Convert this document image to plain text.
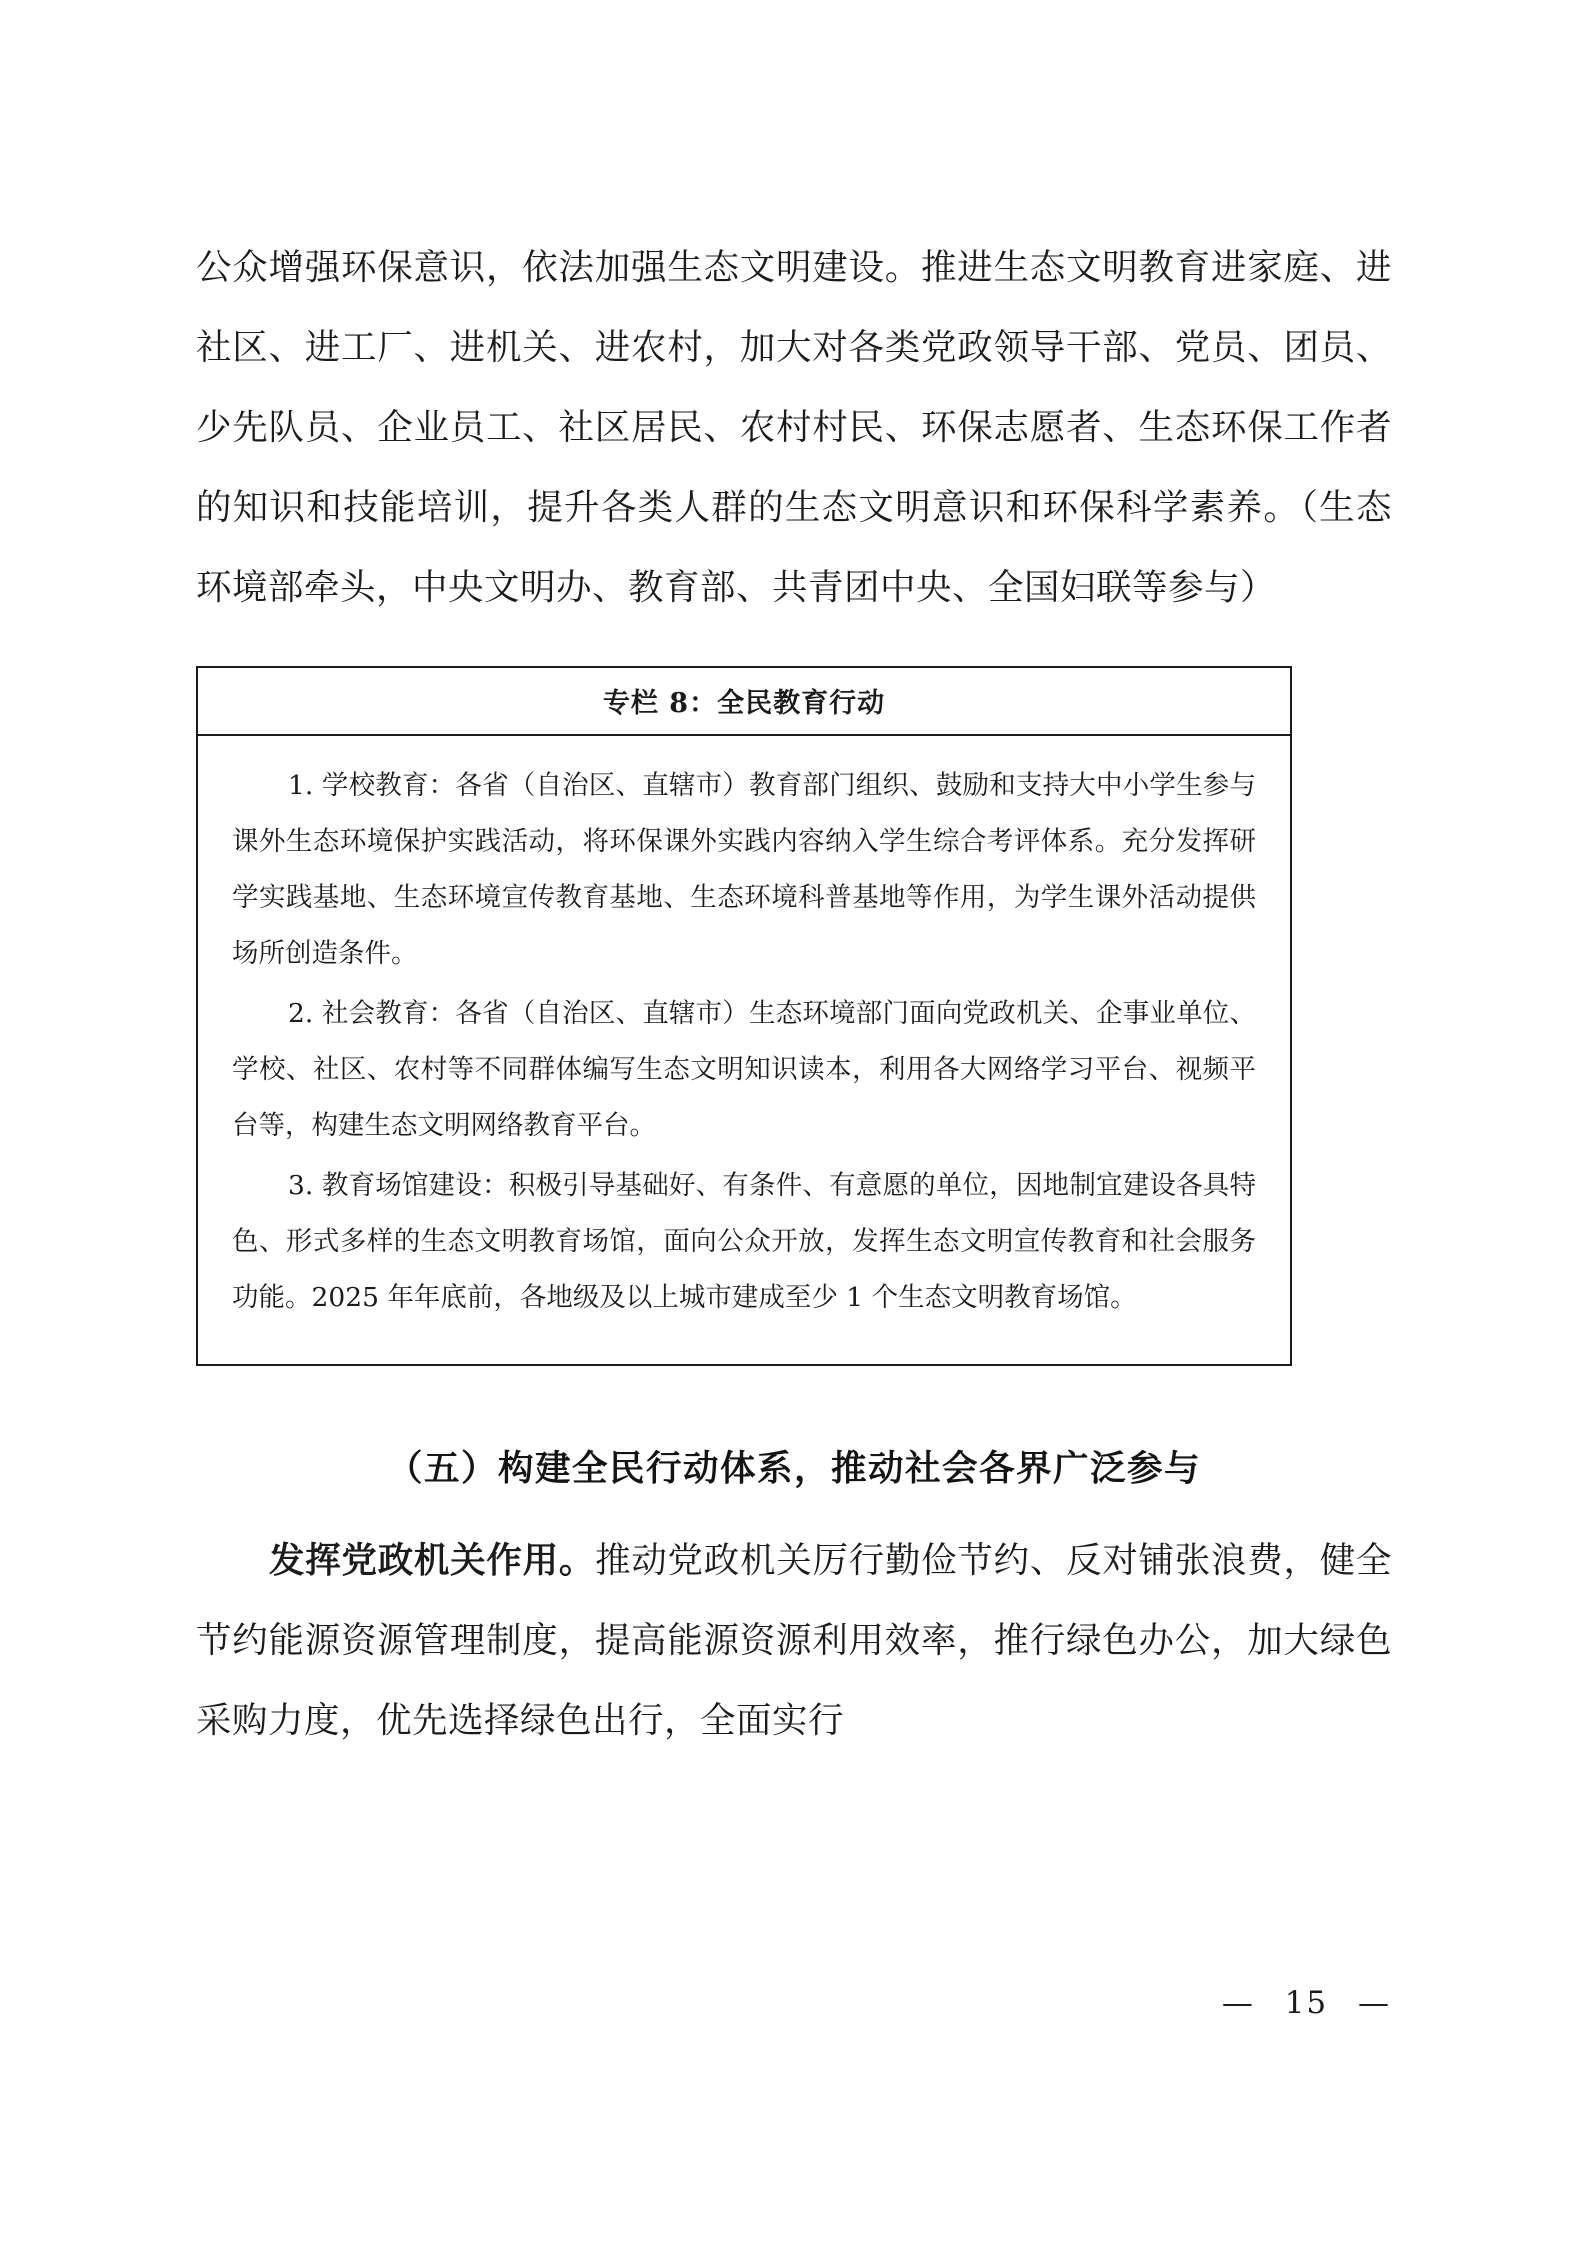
公众增强环保意识，依法加强生态文明建设。推进生态文明教育进家庭、进社区、进工厂、进机关、进农村，加大对各类党政领导干部、党员、团员、少先队员、企业员工、社区居民、农村村民、环保志愿者、生态环保工作者的知识和技能培训，提升各类人群的生态文明意识和环保科学素养。（生态环境部牵头，中央文明办、教育部、共青团中央、全国妇联等参与）

专栏 8：全民教育行动

1. 学校教育：各省（自治区、直辖市）教育部门组织、鼓励和支持大中小学生参与课外生态环境保护实践活动，将环保课外实践内容纳入学生综合考评体系。充分发挥研学实践基地、生态环境宣传教育基地、生态环境科普基地等作用，为学生课外活动提供场所创造条件。

2. 社会教育：各省（自治区、直辖市）生态环境部门面向党政机关、企事业单位、学校、社区、农村等不同群体编写生态文明知识读本，利用各大网络学习平台、视频平台等，构建生态文明网络教育平台。

3. 教育场馆建设：积极引导基础好、有条件、有意愿的单位，因地制宜建设各具特色、形式多样的生态文明教育场馆，面向公众开放，发挥生态文明宣传教育和社会服务功能。2025 年年底前，各地级及以上城市建成至少 1 个生态文明教育场馆。

（五）构建全民行动体系，推动社会各界广泛参与

发挥党政机关作用。推动党政机关厉行勤俭节约、反对铺张浪费，健全节约能源资源管理制度，提高能源资源利用效率，推行绿色办公，加大绿色采购力度，优先选择绿色出行，全面实行

— 15 —
